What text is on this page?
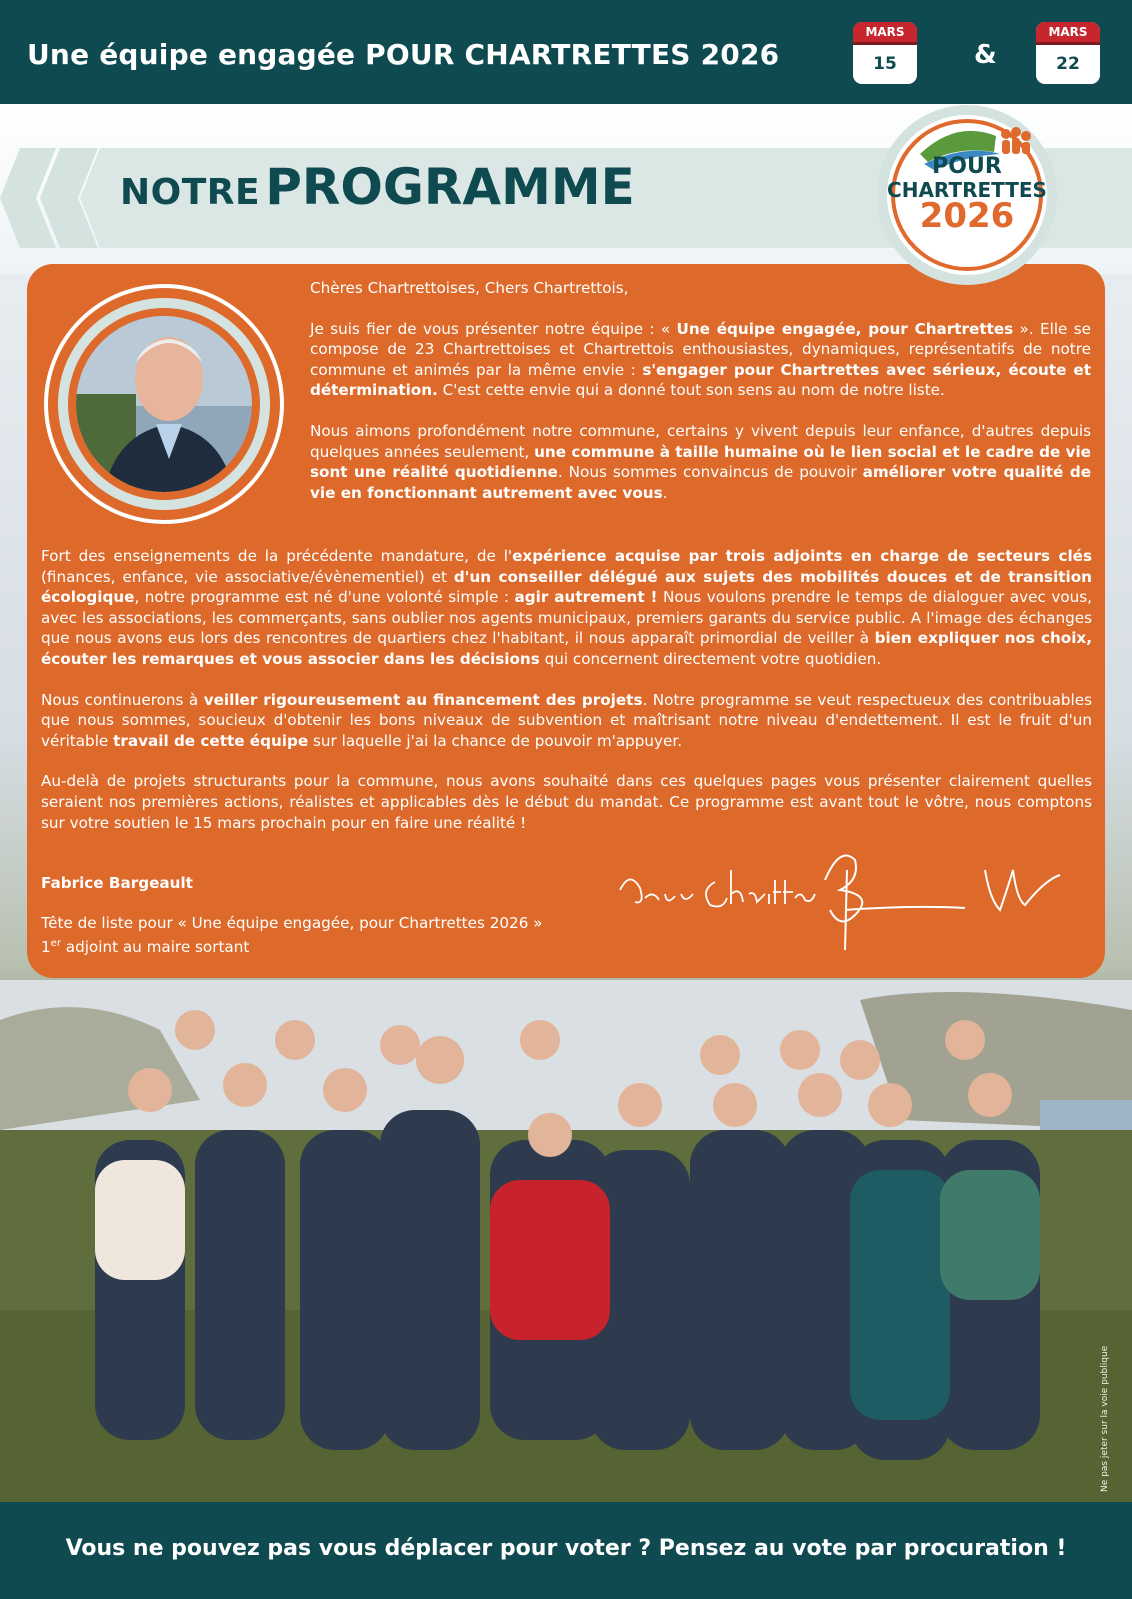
Une équipe engagée POUR CHARTRETTES 2026
MARS
15	&
MARS
22
NOTRE PROGRAMME	POUR
CHARTRETTES
2026

Chères Chartrettoises, Chers Chartrettois,

Je suis fier de vous présenter notre équipe : « Une équipe engagée, pour Chartrettes ». Elle se compose de 23 Chartrettoises et Chartrettois enthousiastes, dynamiques, représentatifs de notre commune et animés par la même envie : s'engager pour Chartrettes avec sérieux, écoute et détermination. C'est cette envie qui a donné tout son sens au nom de notre liste.

Nous aimons profondément notre commune, certains y vivent depuis leur enfance, d'autres depuis quelques années seulement, une commune à taille humaine où le lien social et le cadre de vie sont une réalité quotidienne. Nous sommes convaincus de pouvoir améliorer votre qualité de vie en fonctionnant autrement avec vous.

Fort des enseignements de la précédente mandature, de l'expérience acquise par trois adjoints en charge de secteurs clés (finances, enfance, vie associative/évènementiel) et d'un conseiller délégué aux sujets des mobilités douces et de transition écologique, notre programme est né d'une volonté simple : agir autrement ! Nous voulons prendre le temps de dialoguer avec vous, avec les associations, les commerçants, sans oublier nos agents municipaux, premiers garants du service public. A l'image des échanges que nous avons eus lors des rencontres de quartiers chez l'habitant, il nous apparaît primordial de veiller à bien expliquer nos choix, écouter les remarques et vous associer dans les décisions qui concernent directement votre quotidien.

Nous continuerons à veiller rigoureusement au financement des projets. Notre programme se veut respectueux des contribuables que nous sommes, soucieux d'obtenir les bons niveaux de subvention et maîtrisant notre niveau d'endettement. Il est le fruit d'un véritable travail de cette équipe sur laquelle j'ai la chance de pouvoir m'appuyer.

Au-delà de projets structurants pour la commune, nous avons souhaité dans ces quelques pages vous présenter clairement quelles seraient nos premières actions, réalistes et applicables dès le début du mandat. Ce programme est avant tout le vôtre, nous comptons sur votre soutien le 15 mars prochain pour en faire une réalité !

Fabrice Bargeault
Tête de liste pour « Une équipe engagée, pour Chartrettes 2026 »
1er adjoint au maire sortant
Ne pas jeter sur la voie publique
Vous ne pouvez pas vous déplacer pour voter ? Pensez au vote par procuration !
